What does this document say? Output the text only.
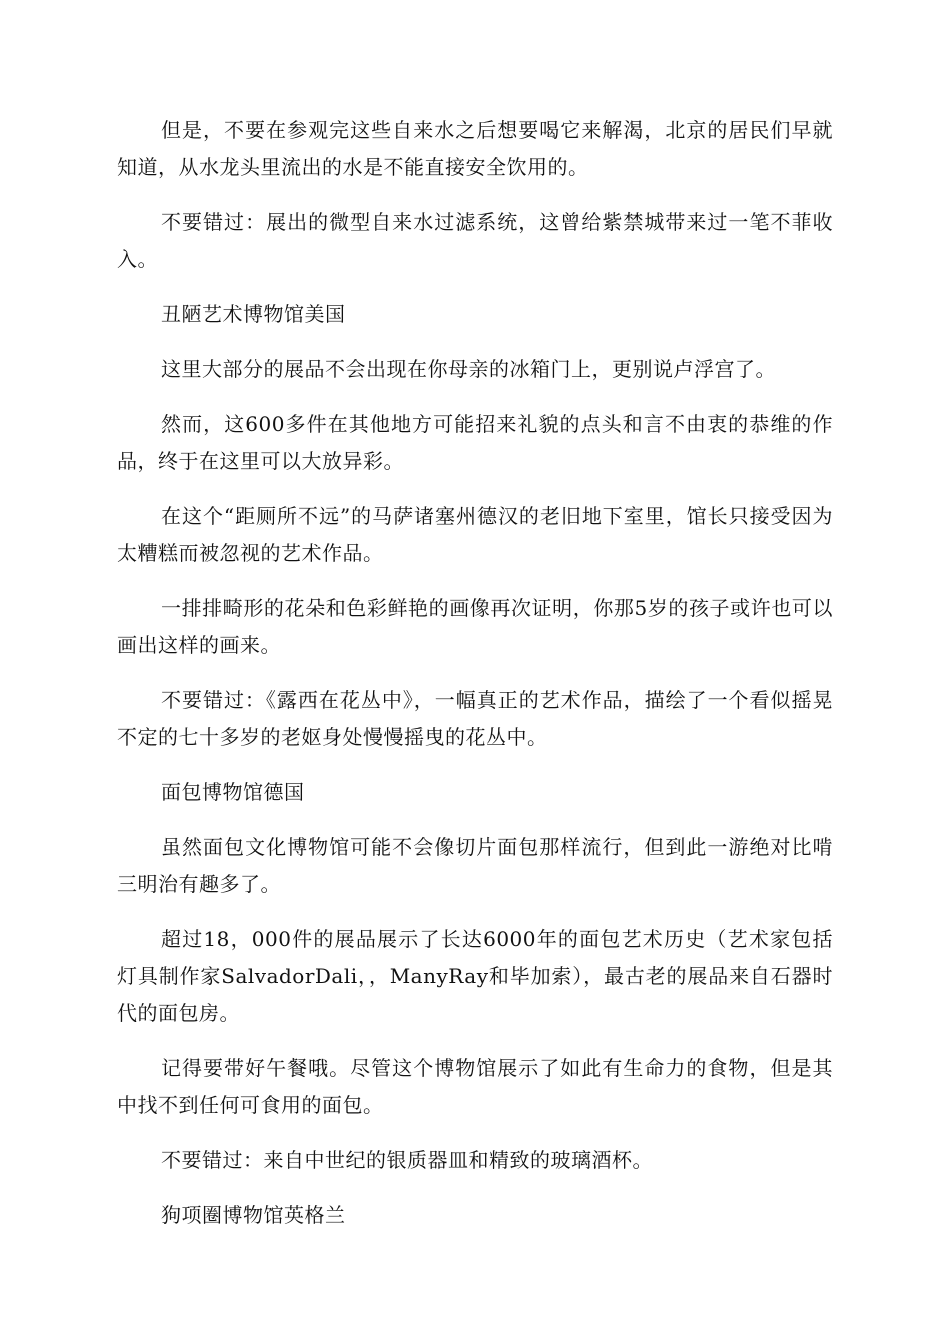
但是，不要在参观完这些自来水之后想要喝它来解渴，北京的居民们早就知道，从水龙头里流出的水是不能直接安全饮用的。

不要错过：展出的微型自来水过滤系统，这曾给紫禁城带来过一笔不菲收入。

丑陋艺术博物馆美国

这里大部分的展品不会出现在你母亲的冰箱门上，更别说卢浮宫了。

然而，这600多件在其他地方可能招来礼貌的点头和言不由衷的恭维的作品，终于在这里可以大放异彩。

在这个“距厕所不远”的马萨诸塞州德汉的老旧地下室里，馆长只接受因为太糟糕而被忽视的艺术作品。

一排排畸形的花朵和色彩鲜艳的画像再次证明，你那5岁的孩子或许也可以画出这样的画来。

不要错过：《露西在花丛中》，一幅真正的艺术作品，描绘了一个看似摇晃不定的七十多岁的老妪身处慢慢摇曳的花丛中。

面包博物馆德国

虽然面包文化博物馆可能不会像切片面包那样流行，但到此一游绝对比啃三明治有趣多了。

超过18，000件的展品展示了长达6000年的面包艺术历史（艺术家包括灯具制作家SalvadorDali，，ManyRay和毕加索），最古老的展品来自石器时代的面包房。

记得要带好午餐哦。尽管这个博物馆展示了如此有生命力的食物，但是其中找不到任何可食用的面包。

不要错过：来自中世纪的银质器皿和精致的玻璃酒杯。

狗项圈博物馆英格兰
